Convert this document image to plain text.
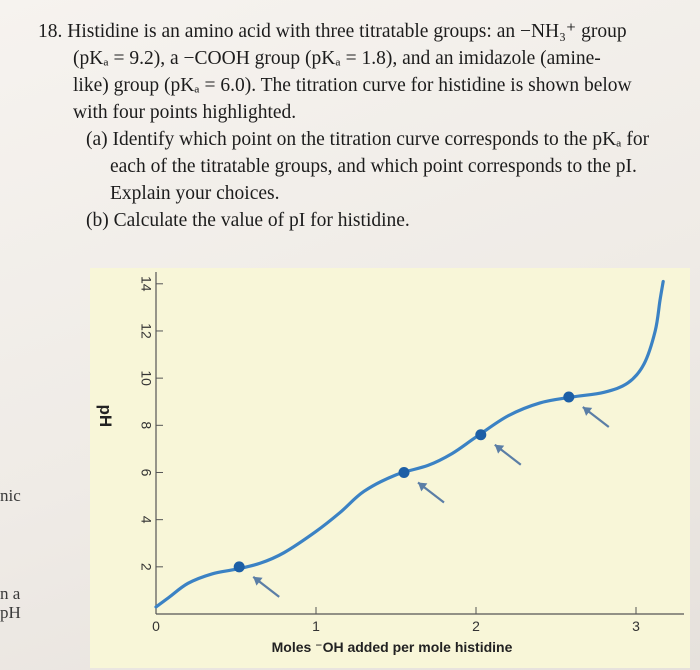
18. Histidine is an amino acid with three titratable groups: an −NH₃⁺ group
(pKₐ = 9.2), a −COOH group (pKₐ = 1.8), and an imidazole (amine-
like) group (pKₐ = 6.0). The titration curve for histidine is shown below
with four points highlighted.
(a) Identify which point on the titration curve corresponds to the pKₐ for
each of the titratable groups, and which point corresponds to the pI.
Explain your choices.
(b) Calculate the value of pI for histidine.
nic
n a
pH
2
4
6
8
10
12
14
0	1	2	3
pH
Moles ⁻OH added per mole histidine
